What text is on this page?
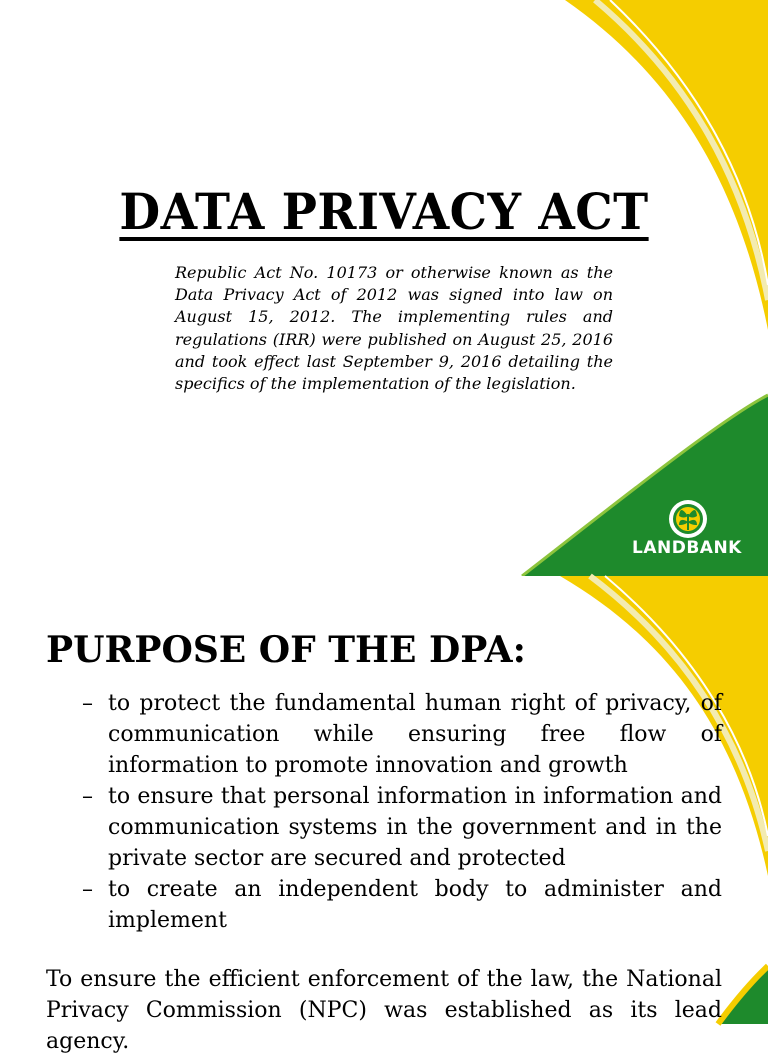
DATA PRIVACY ACT

Republic Act No. 10173 or otherwise known as the Data Privacy Act of 2012 was signed into law on August 15, 2012. The implementing rules and regulations (IRR) were published on August 25, 2016 and took effect last September 9, 2016 detailing the specifics of the implementation of the legislation.

LANDBANK
PURPOSE OF THE DPA:
– to protect the fundamental human right of privacy, of communication while ensuring free flow of information to promote innovation and growth
– to ensure that personal information in information and communication systems in the government and in the private sector are secured and protected
– to create an independent body to administer and implement

To ensure the efficient enforcement of the law, the National Privacy Commission (NPC) was established as its lead agency.
